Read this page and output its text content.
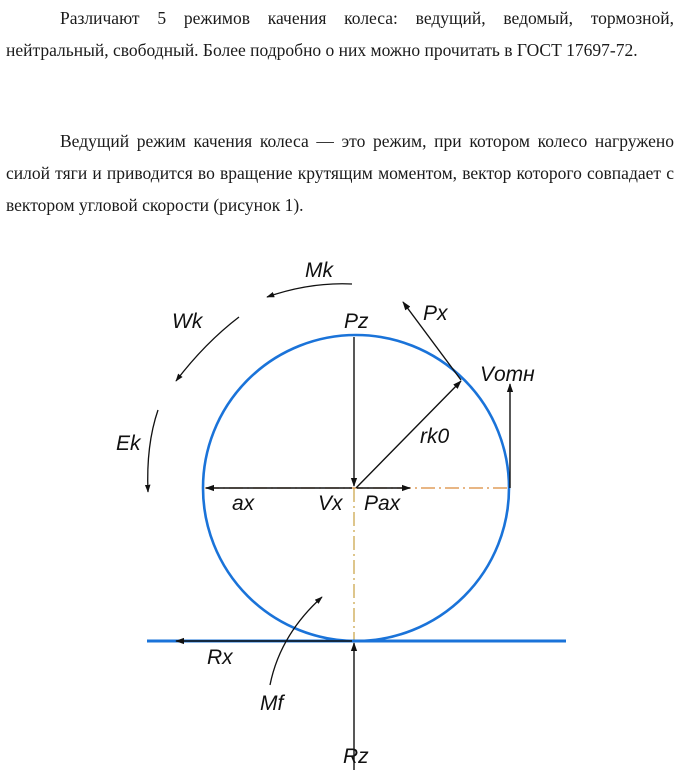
Различают 5 режимов качения колеса: ведущий, ведомый, тормозной, нейтральный, свободный. Более подробно о них можно прочитать в ГОСТ 17697-72.

Ведущий режим качения колеса — это режим, при котором колесо нагружено силой тяги и приводится во вращение крутящим моментом, вектор которого совпадает с вектором угловой скорости (рисунок 1).

Mk
Wk
Ek
Pz	Px
Vотн
rk0
ax	Vx Pax
Rx
Mf
Rz
